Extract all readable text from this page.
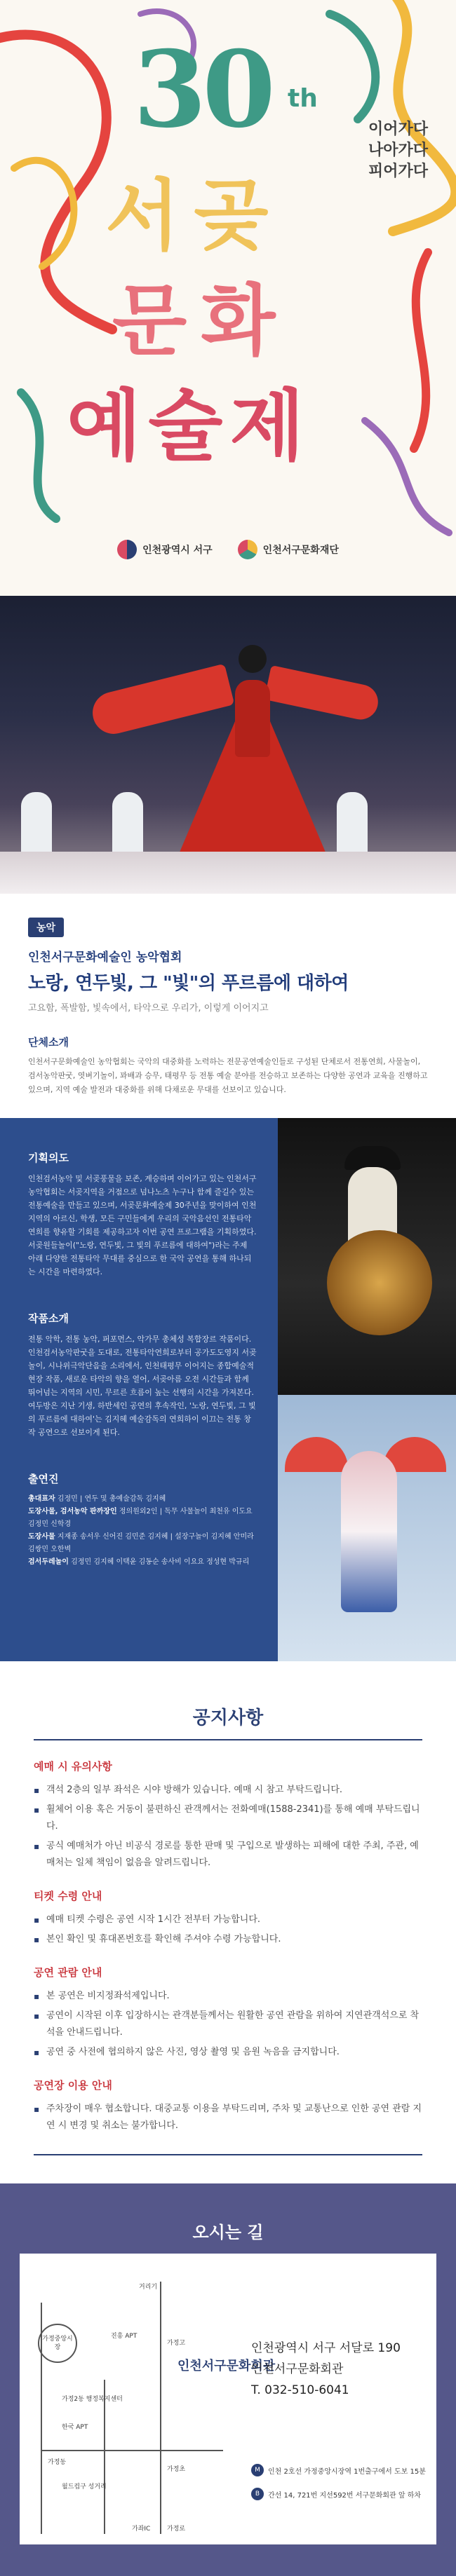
30 th
이어가다
나아가다
피어가다
서곶
문화
예술제
인천광역시 서구	인천서구문화재단
농악
인천서구문화예술인 농악협회
노랑, 연두빛, 그 "빛"의 푸르름에 대하여
고요함, 폭발함, 빛속에서, 타악으로 우리가, 이렇게 이어지고
단체소개
인천서구문화예술인 농악협회는 국악의 대중화를 노력하는 전문공연예술인들로 구성된 단체로서 전통연희, 사물놀이, 검서농악판굿, 엿벼기놀이, 꽈배과 승무, 태평무 등 전통 예술 분야를 전승하고 보존하는 다양한 공연과 교육을 진행하고 있으며, 지역 예술 발전과 대중화를 위해 다채로운 무대를 선보이고 있습니다.
기획의도

인천검서농악 및 서곶풍물을 보존, 계승하며 이어가고 있는 인천서구농악협회는 서곶지역을 거점으로 넘나노츠 누구나 함께 즐길수 있는 전통예술을 만들고 있으며, 서곶문화예술제 30주년을 맞이하여 인천지역의 아르신, 학생, 모든 구민들에게 우리의 국악음선인 전통타악연희를 향유할 기회를 제공하고자 이번 공연 프로그램을 기획하였다. 서곶원들놀이("노랑, 연두빛, 그 빛의 푸르름에 대하여")라는 주제 아래 다양한 전통타악 무대를 중심으로 한 국악 공연을 통해 하나되는 시간을 마련하였다.

작품소개

전통 악학, 전통 농악, 퍼포먼스, 악가무 총체성 복합장르 작품이다. 인천검서농악판굿을 도대로, 전통타악연희로부터 공가도도영지 서곶놀이, 시나위극악단음을 소리에서, 인천태평무 이어지는 종합예술적 현장 작품, 새로운 타악의 향을 열어, 서곶아름 오전 시간들과 함께 뛰어넘는 지역의 시민, 무르른 흐름이 높는 선행의 시간을 가져본다. 여두방은 지난 기생, 하반세인 공연의 후속작인, '노랑, 연두빛, 그 빛의 푸르름에 대하여'는 김지혜 예술감독의 연희하이 이끄는 전통 창작 공연으로 선보이게 된다.

출연진
총대표자 김정민 | 연두 및 총예술감독 김지혜
도장사물, 검서농악 판까장인 정의원외2인 | 독무 사물놀이 최천유 이도요 김정민 신학경
도장사물 지재종 송서우 신어진 김민준 김지혜 | 설장구놀이 김지혜 안미라 김쌍민 오한벽
검서두레놀이 김정민 김지혜 이택윤 김동순 송사비 이요요 정성현 박규리
공지사항
예매 시 유의사항
▪ 객석 2층의 일부 좌석은 시야 방해가 있습니다. 예매 시 참고 부탁드립니다.
▪ 휠체어 이용 혹은 거동이 불편하신 관객께서는 전화예매(1588-2341)를 통해 예매 부탁드립니다.
▪ 공식 예매처가 아닌 비공식 경로를 통한 판매 및 구입으로 발생하는 피해에 대한 주최, 주관, 예매처는 일체 책임이 없음을 알려드립니다.
티켓 수령 안내
▪ 예매 티켓 수령은 공연 시작 1시간 전부터 가능합니다.
▪ 본인 확인 및 휴대폰번호를 확인해 주셔야 수령 가능합니다.
공연 관람 안내
▪ 본 공연은 비지정좌석제입니다.
▪ 공연이 시작된 이후 입장하시는 관객분들께서는 원활한 공연 관람을 위하여 지연관객석으로 착석을 안내드립니다.
▪ 공연 중 사전에 협의하지 않은 사진, 영상 촬영 및 음원 녹음을 금지합니다.
공연장 이용 안내
▪ 주차장이 매우 협소합니다. 대중교통 이용을 부탁드리며, 주차 및 교통난으로 인한 공연 관람 지연 시 변경 및 취소는 불가합니다.
오시는 길
가정중앙시장
거리기
진흥 APT
가정고
가정2동 행정복지센터
한국 APT
가정동
월드컵구 성거리
가정초
가좌IC	가정로
인천서구문화회관
인천광역시 서구 서달로 190
인천서구문화회관
T. 032-510-6041
M	인천 2호선 가정중앙시장역 1번출구에서 도보 15분
B	간선 14, 721번 지선592번 서구문화회관 앞 하차
